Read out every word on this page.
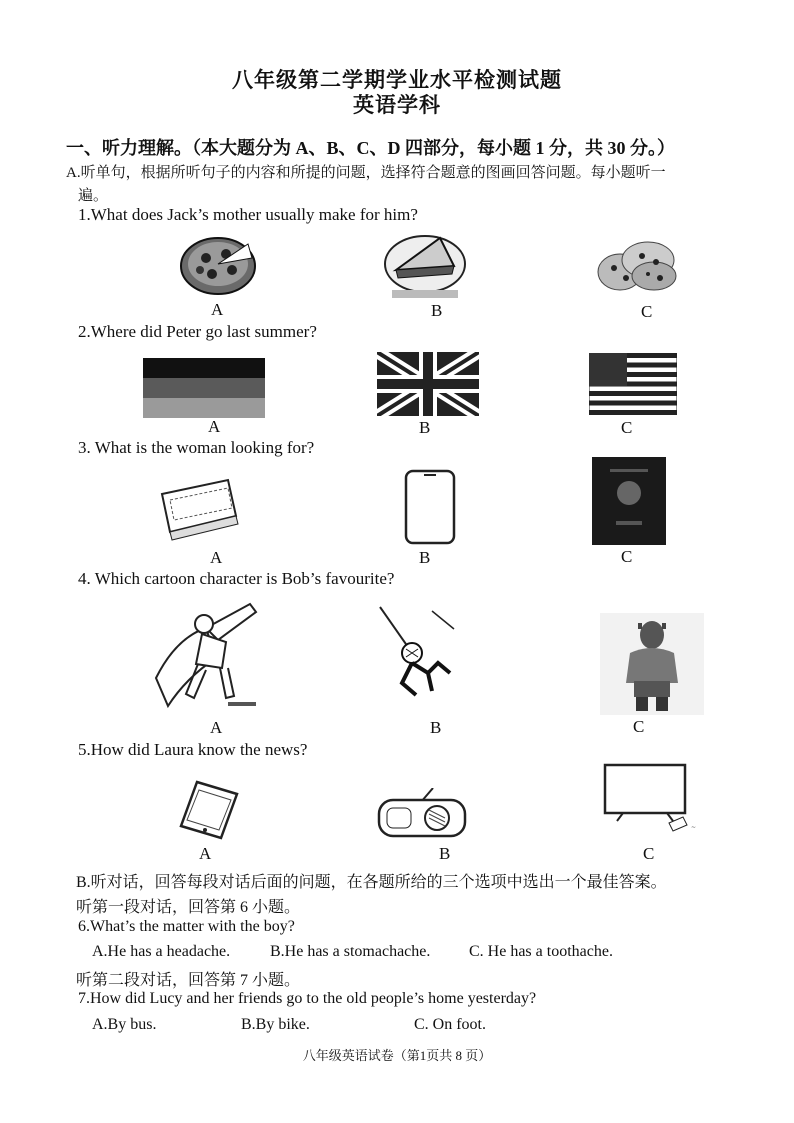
八年级第二学期学业水平检测试题
英语学科
一、听力理解。（本大题分为 A、B、C、D 四部分，每小题 1 分，共 30 分。）
A.听单句，根据所听句子的内容和所提的问题，选择符合题意的图画回答问题。每小题听一
遍。
1.What does Jack’s mother usually make for him?
A	B	C
2.Where did Peter go last summer?
A	B	C
3. What is the woman looking for?
A	B	C
4. Which cartoon character is Bob’s favourite?
A	B	C
5.How did Laura know the news?
~
A	B	C
B.听对话，回答每段对话后面的问题，在各题所给的三个选项中选出一个最佳答案。
听第一段对话，回答第 6 小题。
6.What’s the matter with the boy?
A.He has a headache. B.He has a stomachache. C. He has a toothache.
听第二段对话，回答第 7 小题。
7.How did Lucy and her friends go to the old people’s home yesterday?
A.By bus.	B.By bike.	C. On foot.
八年级英语试卷（第1页共 8 页）
